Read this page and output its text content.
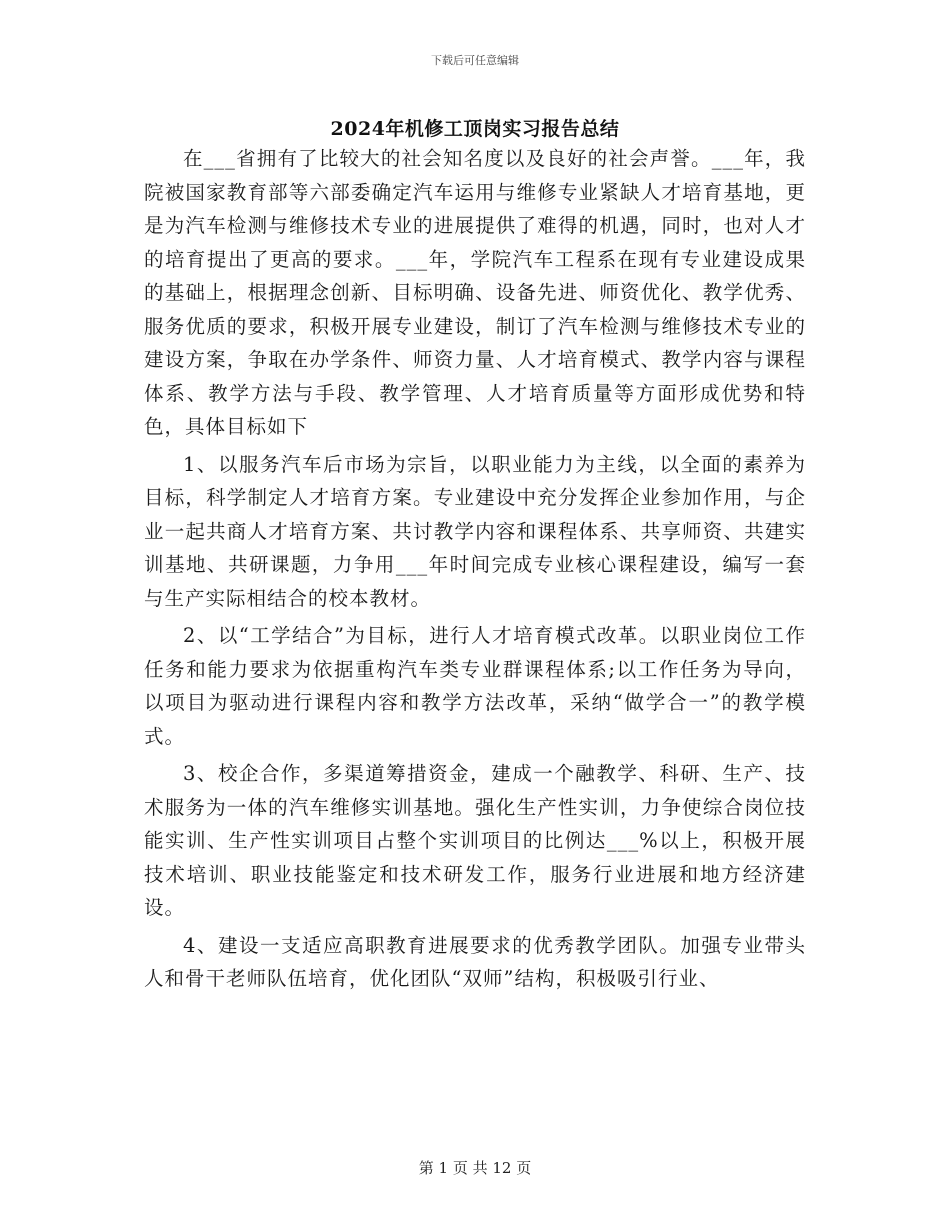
下载后可任意编辑
2024年机修工顶岗实习报告总结

在___省拥有了比较大的社会知名度以及良好的社会声誉。___年，我院被国家教育部等六部委确定汽车运用与维修专业紧缺人才培育基地，更是为汽车检测与维修技术专业的进展提供了难得的机遇，同时，也对人才的培育提出了更高的要求。___年，学院汽车工程系在现有专业建设成果的基础上，根据理念创新、目标明确、设备先进、师资优化、教学优秀、服务优质的要求，积极开展专业建设，制订了汽车检测与维修技术专业的建设方案，争取在办学条件、师资力量、人才培育模式、教学内容与课程体系、教学方法与手段、教学管理、人才培育质量等方面形成优势和特色，具体目标如下

1、以服务汽车后市场为宗旨，以职业能力为主线，以全面的素养为目标，科学制定人才培育方案。专业建设中充分发挥企业参加作用，与企业一起共商人才培育方案、共讨教学内容和课程体系、共享师资、共建实训基地、共研课题，力争用___年时间完成专业核心课程建设，编写一套与生产实际相结合的校本教材。

2、以“工学结合”为目标，进行人才培育模式改革。以职业岗位工作任务和能力要求为依据重构汽车类专业群课程体系;以工作任务为导向，以项目为驱动进行课程内容和教学方法改革，采纳“做学合一”的教学模式。

3、校企合作，多渠道筹措资金，建成一个融教学、科研、生产、技术服务为一体的汽车维修实训基地。强化生产性实训，力争使综合岗位技能实训、生产性实训项目占整个实训项目的比例达___%以上，积极开展技术培训、职业技能鉴定和技术研发工作，服务行业进展和地方经济建设。

4、建设一支适应高职教育进展要求的优秀教学团队。加强专业带头人和骨干老师队伍培育，优化团队“双师”结构，积极吸引行业、

第 1 页 共 12 页
